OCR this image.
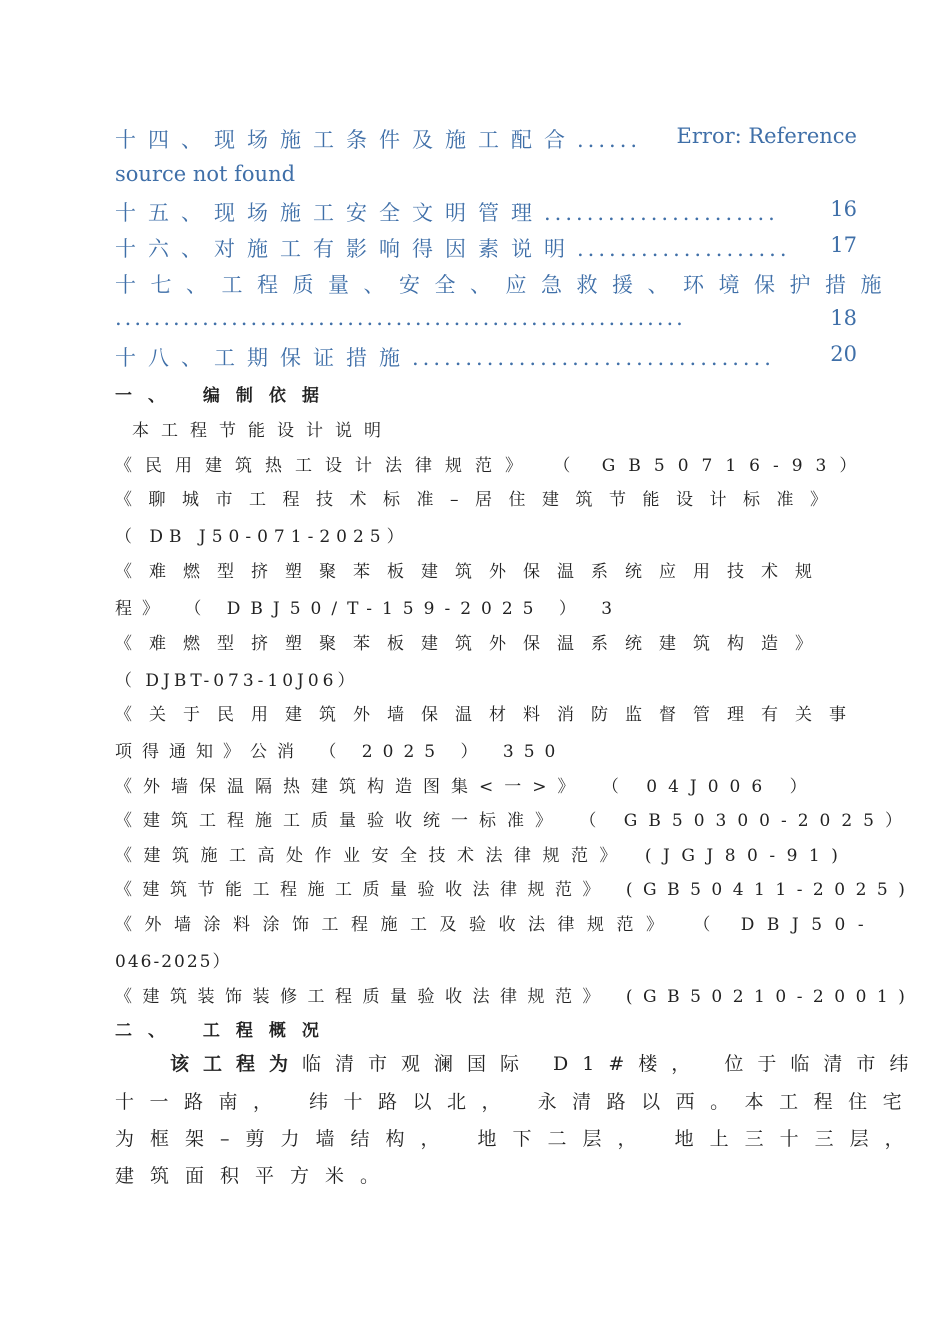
十四、现场施工条件及施工配合...... Error: Reference
source not found
十五、现场施工安全文明管理...................... 16
十六、对施工有影响得因素说明.................... 17
十七、工程质量、安全、应急救援、环境保护措施
...........................................................	18
十八、工期保证措施..................................	20
一、 编制依据
本工程节能设计说明
《民用建筑热工设计法律规范》 （ GB50716-93）
《聊城市工程技术标准–居住建筑节能设计标准》
（ DB J50-071-2025）
《难燃型挤塑聚苯板建筑外保温系统应用技术规
程》 （ DBJ50/T-159-2025 ） 3
《难燃型挤塑聚苯板建筑外保温系统建筑构造》
（ DJBT-073-10J06）
《关于民用建筑外墙保温材料消防监督管理有关事
项得通知》公消 （ 2025 ） 350
《外墙保温隔热建筑构造图集<一>》 （ 04J006 ）
《建筑工程施工质量验收统一标准》 （ GB50300-2025）
《建筑施工高处作业安全技术法律规范》 (JGJ80-91)
《建筑节能工程施工质量验收法律规范》 (GB50411-2025)
《外墙涂料涂饰工程施工及验收法律规范》 （ DBJ50-
046-2025）
《建筑装饰装修工程质量验收法律规范》 (GB50210-2001)
二、 工程概况
该工程为临清市观澜国际 D1#楼， 位于临清市纬
十一路南， 纬十路以北， 永清路以西。本工程住宅
为框架–剪力墙结构， 地下二层， 地上三十三层，
建筑面积平方米。
